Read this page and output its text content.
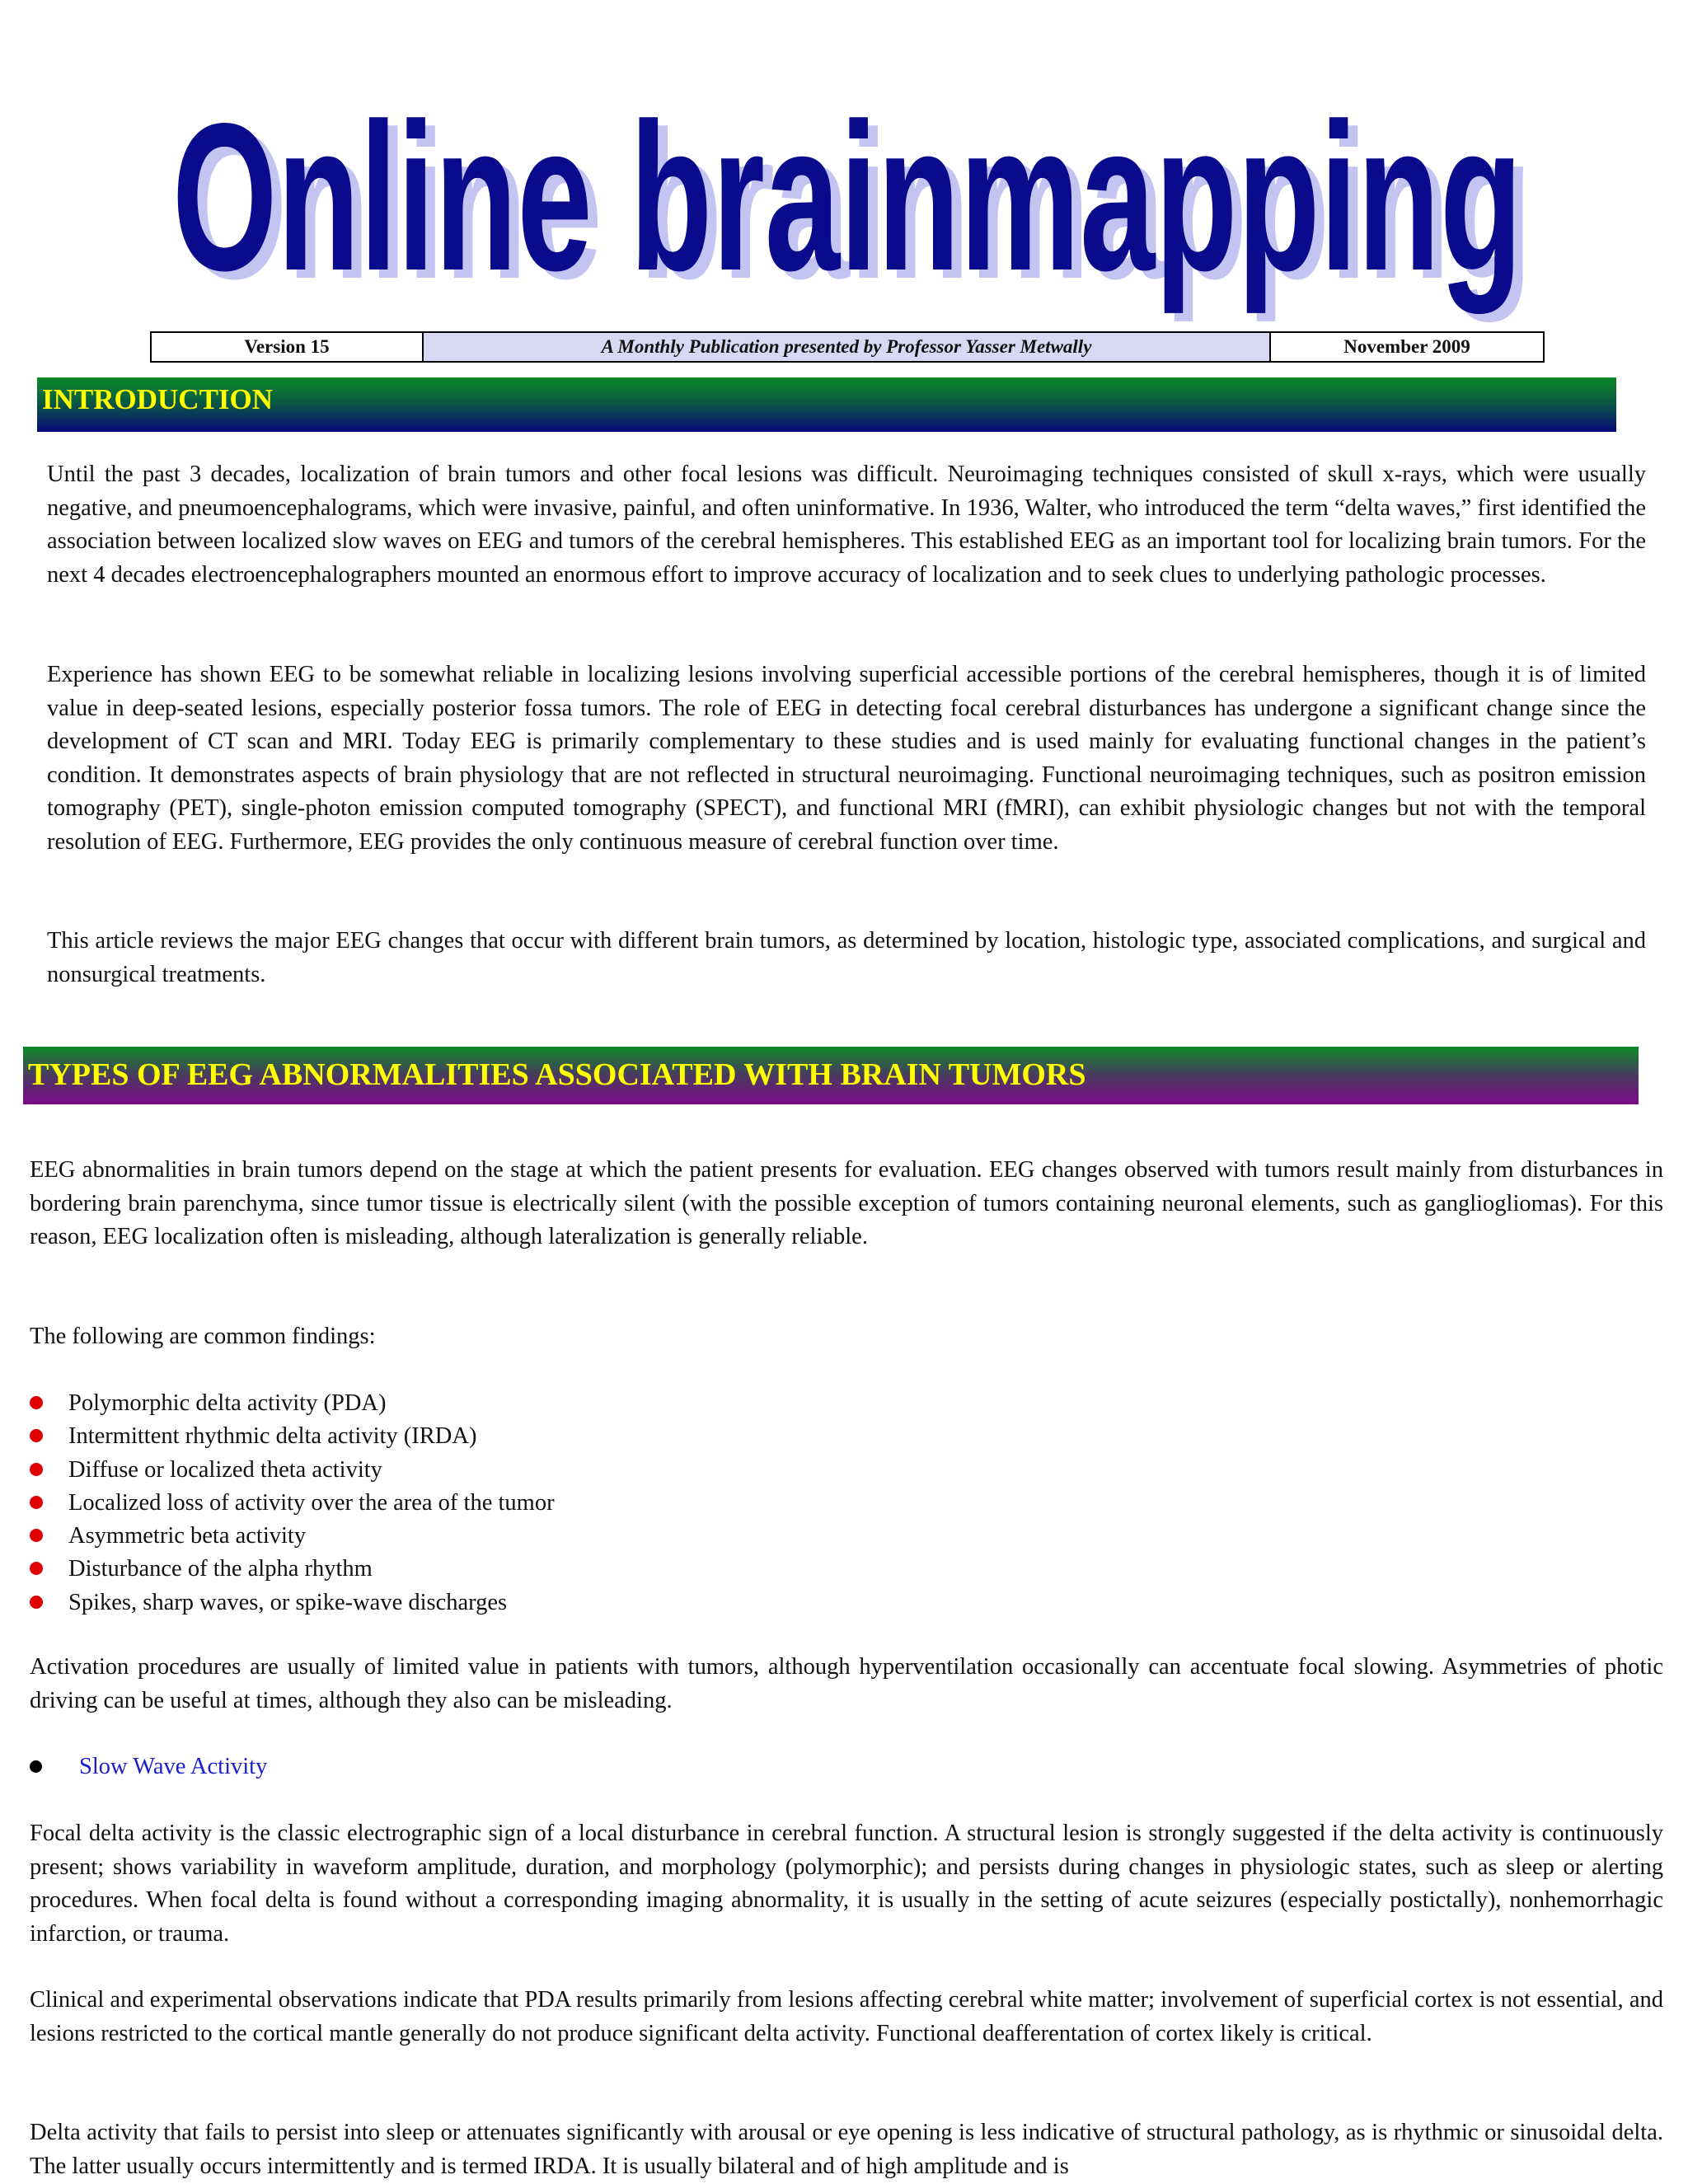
Online brainmapping
Online brainmapping
Version 15	A Monthly Publication presented by Professor Yasser Metwally	November 2009
INTRODUCTION

Until the past 3 decades, localization of brain tumors and other focal lesions was difficult. Neuroimaging techniques consisted of skull x-rays, which were usually negative, and pneumoencephalograms, which were invasive, painful, and often uninformative. In 1936, Walter, who introduced the term “delta waves,” first identified the association between localized slow waves on EEG and tumors of the cerebral hemispheres. This established EEG as an important tool for localizing brain tumors. For the next 4 decades electroencephalographers mounted an enormous effort to improve accuracy of localization and to seek clues to underlying pathologic processes.

Experience has shown EEG to be somewhat reliable in localizing lesions involving superficial accessible portions of the cerebral hemispheres, though it is of limited value in deep-seated lesions, especially posterior fossa tumors. The role of EEG in detecting focal cerebral disturbances has undergone a significant change since the development of CT scan and MRI. Today EEG is primarily complementary to these studies and is used mainly for evaluating functional changes in the patient’s condition. It demonstrates aspects of brain physiology that are not reflected in structural neuroimaging. Functional neuroimaging techniques, such as positron emission tomography (PET), single-photon emission computed tomography (SPECT), and functional MRI (fMRI), can exhibit physiologic changes but not with the temporal resolution of EEG. Furthermore, EEG provides the only continuous measure of cerebral function over time.

This article reviews the major EEG changes that occur with different brain tumors, as determined by location, histologic type, associated complications, and surgical and nonsurgical treatments.

TYPES OF EEG ABNORMALITIES ASSOCIATED WITH BRAIN TUMORS

EEG abnormalities in brain tumors depend on the stage at which the patient presents for evaluation. EEG changes observed with tumors result mainly from disturbances in bordering brain parenchyma, since tumor tissue is electrically silent (with the possible exception of tumors containing neuronal elements, such as gangliogliomas). For this reason, EEG localization often is misleading, although lateralization is generally reliable.

The following are common findings:

Polymorphic delta activity (PDA)
Intermittent rhythmic delta activity (IRDA)
Diffuse or localized theta activity
Localized loss of activity over the area of the tumor
Asymmetric beta activity
Disturbance of the alpha rhythm
Spikes, sharp waves, or spike-wave discharges

Activation procedures are usually of limited value in patients with tumors, although hyperventilation occasionally can accentuate focal slowing. Asymmetries of photic driving can be useful at times, although they also can be misleading.

Slow Wave Activity

Focal delta activity is the classic electrographic sign of a local disturbance in cerebral function. A structural lesion is strongly suggested if the delta activity is continuously present; shows variability in waveform amplitude, duration, and morphology (polymorphic); and persists during changes in physiologic states, such as sleep or alerting procedures. When focal delta is found without a corresponding imaging abnormality, it is usually in the setting of acute seizures (especially postictally), nonhemorrhagic infarction, or trauma.

Clinical and experimental observations indicate that PDA results primarily from lesions affecting cerebral white matter; involvement of superficial cortex is not essential, and lesions restricted to the cortical mantle generally do not produce significant delta activity. Functional deafferentation of cortex likely is critical.

Delta activity that fails to persist into sleep or attenuates significantly with arousal or eye opening is less indicative of structural pathology, as is rhythmic or sinusoidal delta. The latter usually occurs intermittently and is termed IRDA. It is usually bilateral and of high amplitude and is
